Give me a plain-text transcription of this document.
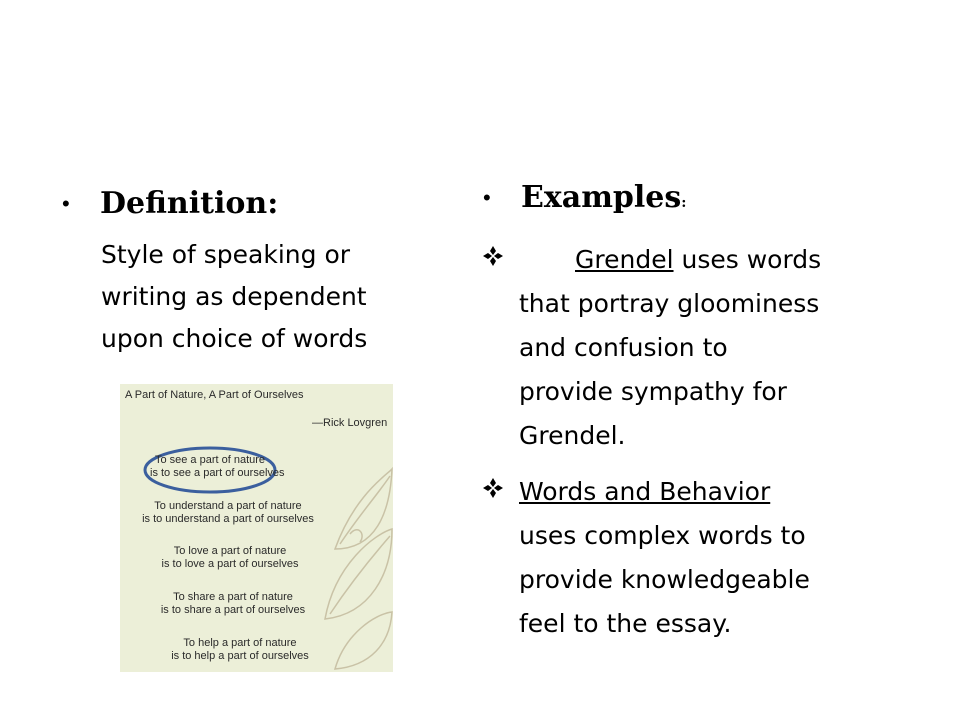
•	Definition:
Style of speaking or
writing as dependent
upon choice of words
A Part of Nature, A Part of Ourselves
—Rick Lovgren
To see a part of nature
is to see a part of ourselves
To understand a part of nature
is to understand a part of ourselves
To love a part of nature
is to love a part of ourselves
To share a part of nature
is to share a part of ourselves
To help a part of nature
is to help a part of ourselves
•	Examples:
Grendel uses words
that portray gloominess
and confusion to
provide sympathy for
Grendel.
Words and Behavior
uses complex words to
provide knowledgeable
feel to the essay.
